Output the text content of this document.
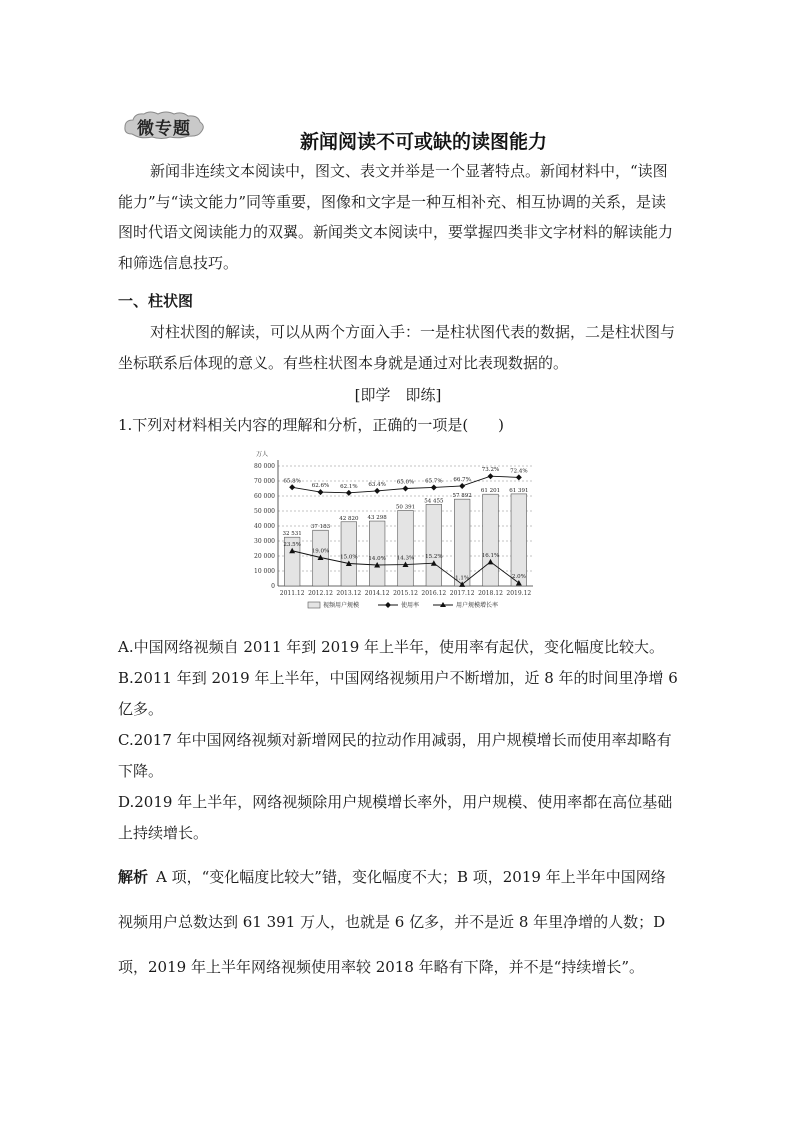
微专题
新闻阅读不可或缺的读图能力

新闻非连续文本阅读中，图文、表文并举是一个显著特点。新闻材料中，“读图能力”与“读文能力”同等重要，图像和文字是一种互相补充、相互协调的关系，是读图时代语文阅读能力的双翼。新闻类文本阅读中，要掌握四类非文字材料的解读能力和筛选信息技巧。

一、柱状图

对柱状图的解读，可以从两个方面入手：一是柱状图代表的数据，二是柱状图与坐标联系后体现的意义。有些柱状图本身就是通过对比表现数据的。

[即学　即练]
1.下列对材料相关内容的理解和分析，正确的一项是(　　)
万人
80 000
70 000
60 000
50 000
40 000
30 000
20 000
10 000
0
32 531
37 183
42 820 43 298
50 391
54 455
57 892
61 201 61 391
2011.12 2012.12 2013.12 2014.12 2015.12 2016.12 2017.12 2018.12 2019.12
65.8%
62.6% 62.1% 63.4% 65.0% 65.7% 66.7%
73.2% 72.4%
23.5%
19.0%
15.0% 14.0% 14.3% 15.2%
1.1%
16.1%
2.0%
视频用户规模	使用率	用户规模增长率
A.中国网络视频自 2011 年到 2019 年上半年，使用率有起伏，变化幅度比较大。
B.2011 年到 2019 年上半年，中国网络视频用户不断增加，近 8 年的时间里净增 6 亿多。
C.2017 年中国网络视频对新增网民的拉动作用减弱，用户规模增长而使用率却略有下降。
D.2019 年上半年，网络视频除用户规模增长率外，用户规模、使用率都在高位基础上持续增长。
解析 A 项，“变化幅度比较大”错，变化幅度不大；B 项，2019 年上半年中国网络视频用户总数达到 61 391 万人，也就是 6 亿多，并不是近 8 年里净增的人数；D 项，2019 年上半年网络视频使用率较 2018 年略有下降，并不是“持续增长”。
